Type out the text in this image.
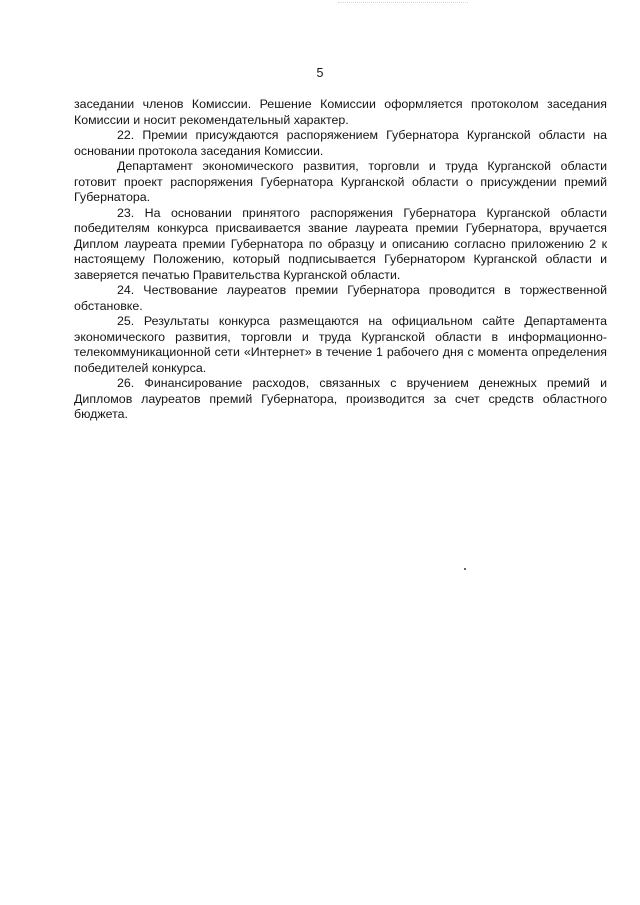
5

заседании членов Комиссии. Решение Комиссии оформляется протоколом заседания Комиссии и носит рекомендательный характер.

22. Премии присуждаются распоряжением Губернатора Курганской области на основании протокола заседания Комиссии.

Департамент экономического развития, торговли и труда Курганской области готовит проект распоряжения Губернатора Курганской области о присуждении премий Губернатора.

23. На основании принятого распоряжения Губернатора Курганской области победителям конкурса присваивается звание лауреата премии Губернатора, вручается Диплом лауреата премии Губернатора по образцу и описанию согласно приложению 2 к настоящему Положению, который подписывается Губернатором Курганской области и заверяется печатью Правительства Курганской области.

24. Чествование лауреатов премии Губернатора проводится в торжественной обстановке.

25. Результаты конкурса размещаются на официальном сайте Департамента экономического развития, торговли и труда Курганской области в информационно-телекоммуникационной сети «Интернет» в течение 1 рабочего дня с момента определения победителей конкурса.

26. Финансирование расходов, связанных с вручением денежных премий и Дипломов лауреатов премий Губернатора, производится за счет средств областного бюджета.
